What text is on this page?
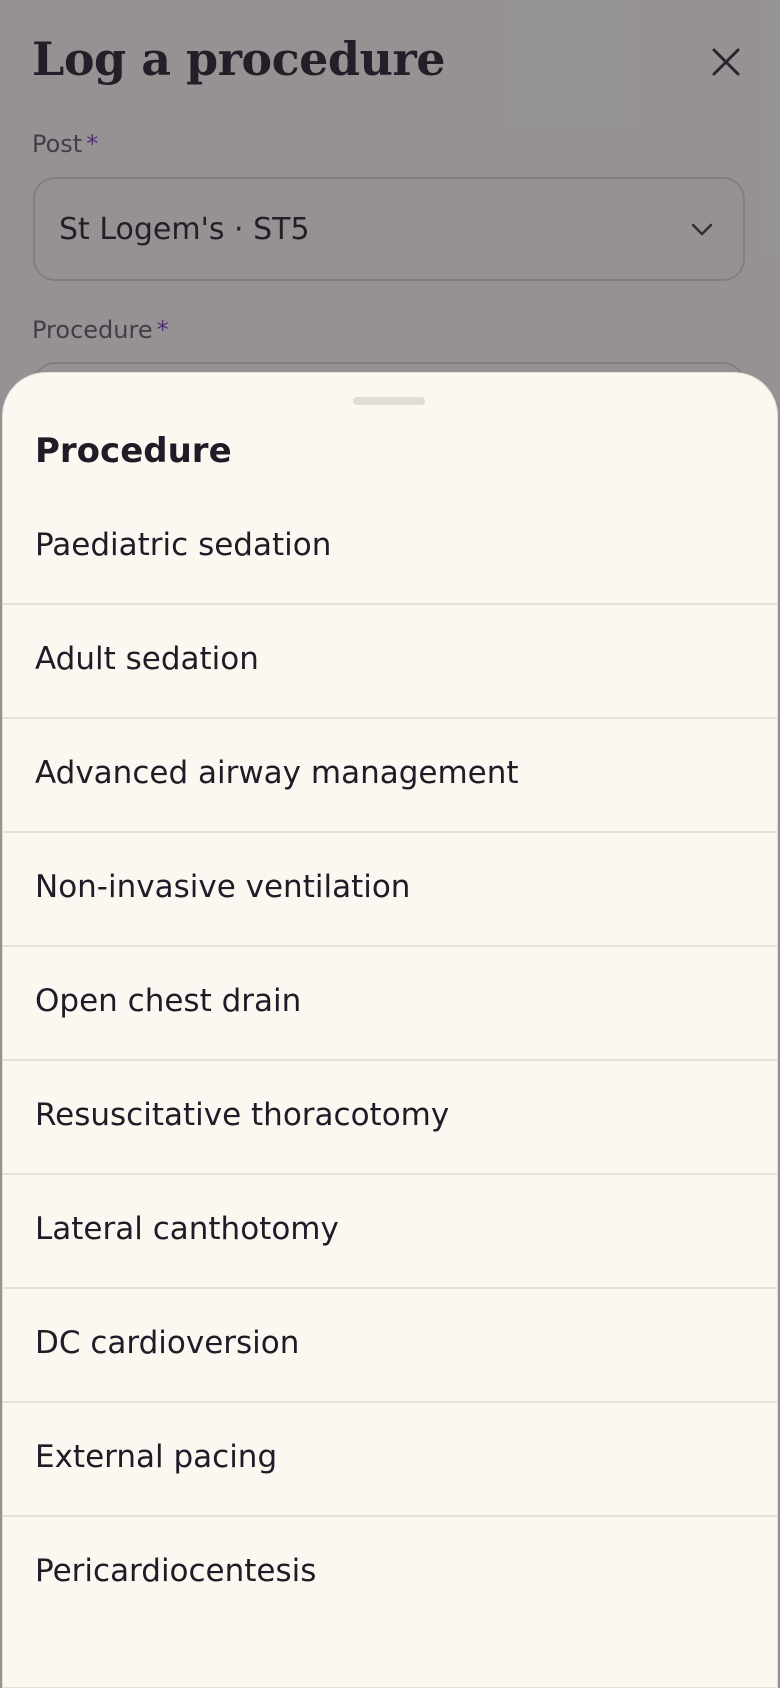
Log a procedure
Post *
St Logem's · ST5
Procedure *
Procedure
Paediatric sedation
Adult sedation
Advanced airway management
Non-invasive ventilation
Open chest drain
Resuscitative thoracotomy
Lateral canthotomy
DC cardioversion
External pacing
Pericardiocentesis
